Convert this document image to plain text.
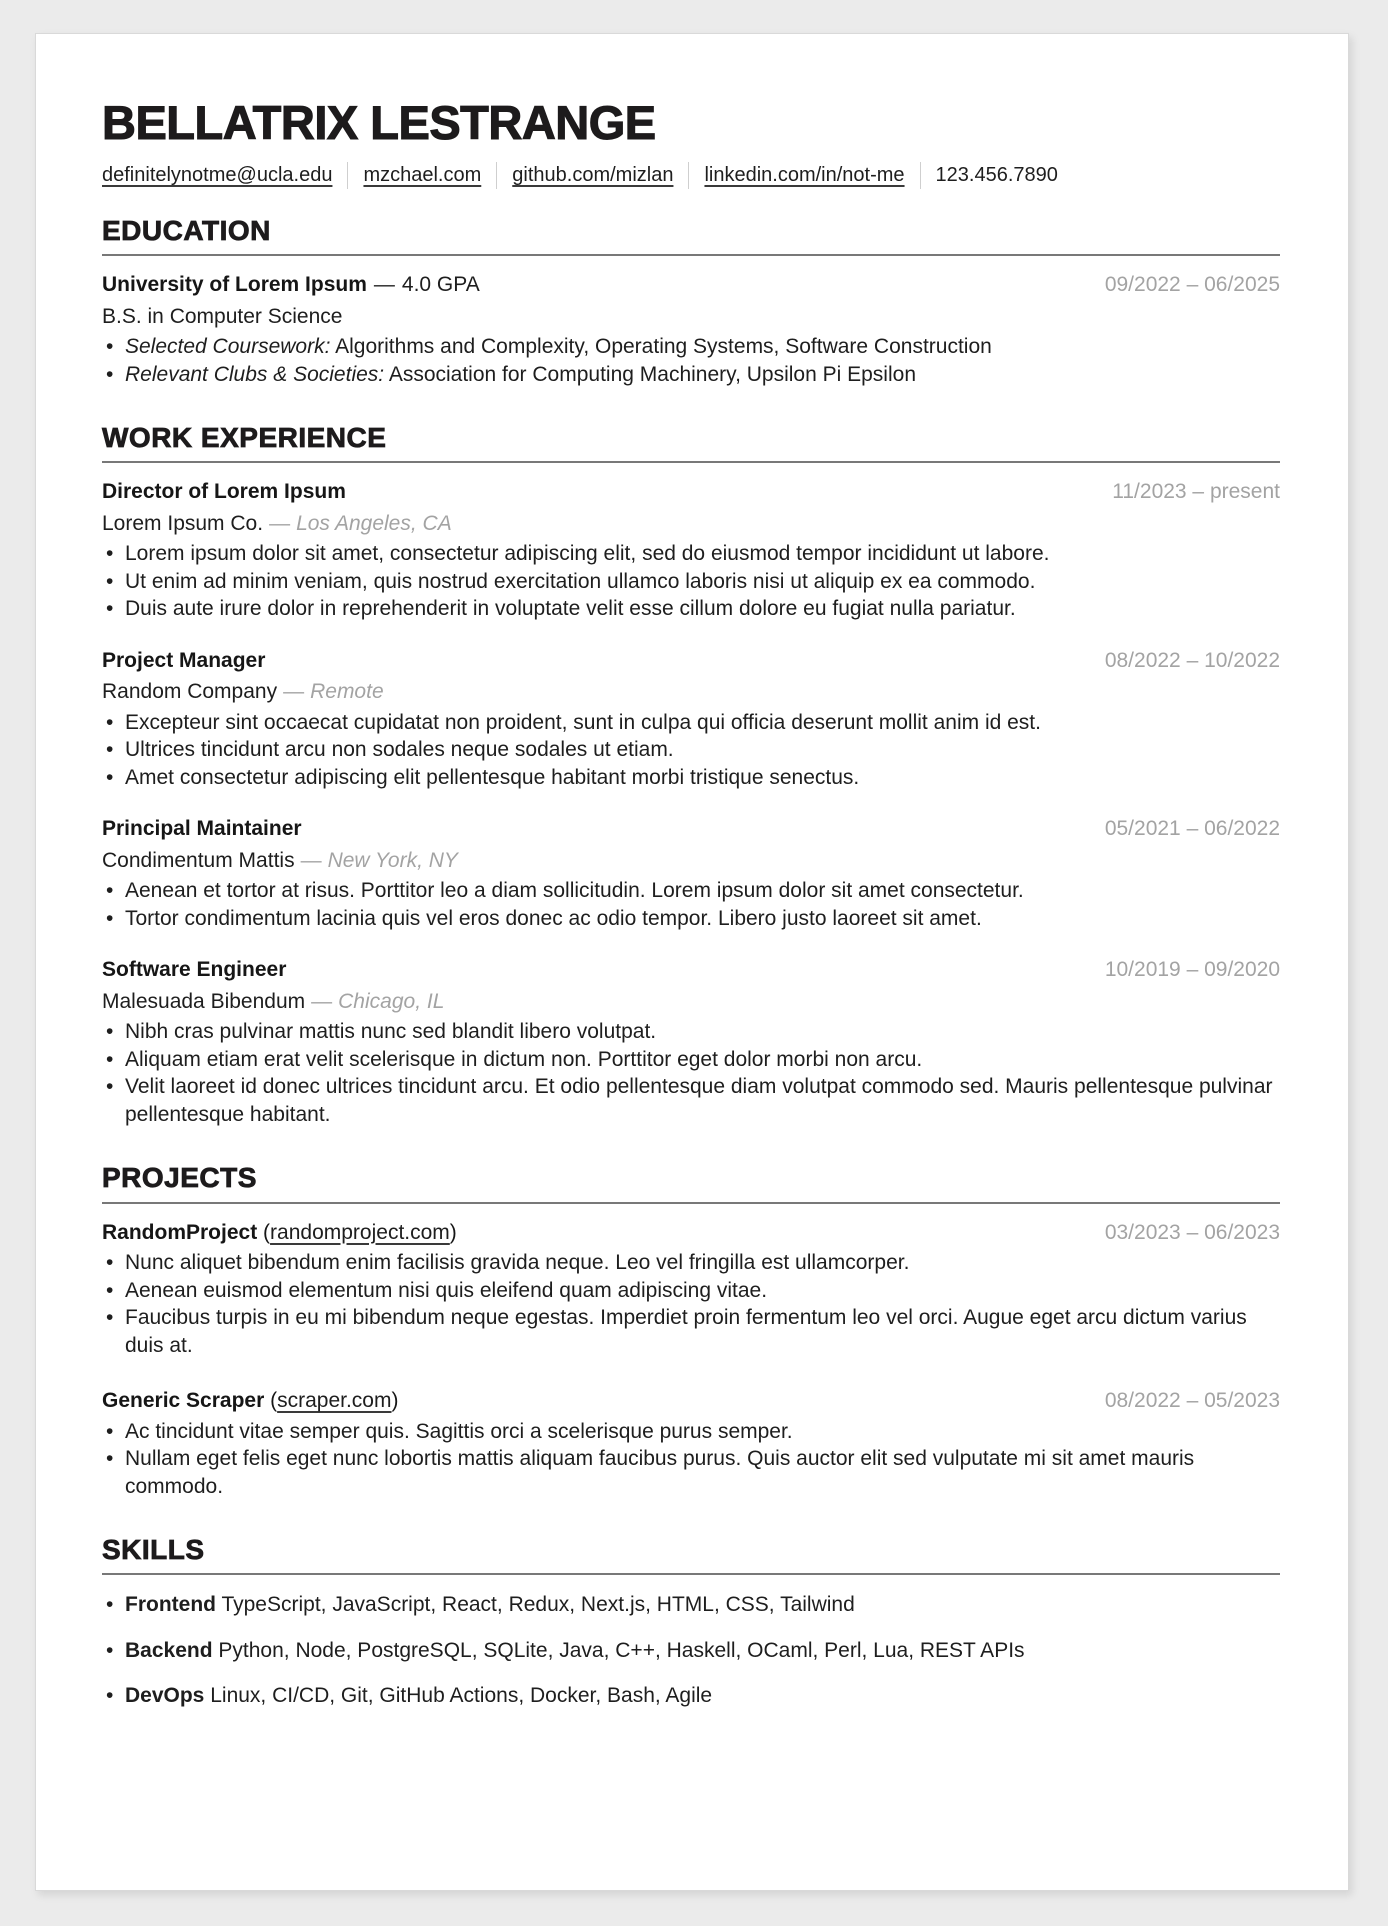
BELLATRIX LESTRANGE
definitelynotme@ucla.edu	mzchael.com	github.com/mizlan	linkedin.com/in/not-me	123.456.7890
EDUCATION
University of Lorem Ipsum — 4.0 GPA	09/2022 – 06/2025
B.S. in Computer Science
• Selected Coursework: Algorithms and Complexity, Operating Systems, Software Construction
• Relevant Clubs & Societies: Association for Computing Machinery, Upsilon Pi Epsilon
WORK EXPERIENCE
Director of Lorem Ipsum	11/2023 – present
Lorem Ipsum Co. — Los Angeles, CA
• Lorem ipsum dolor sit amet, consectetur adipiscing elit, sed do eiusmod tempor incididunt ut labore.
• Ut enim ad minim veniam, quis nostrud exercitation ullamco laboris nisi ut aliquip ex ea commodo.
• Duis aute irure dolor in reprehenderit in voluptate velit esse cillum dolore eu fugiat nulla pariatur.
Project Manager	08/2022 – 10/2022
Random Company — Remote
• Excepteur sint occaecat cupidatat non proident, sunt in culpa qui officia deserunt mollit anim id est.
• Ultrices tincidunt arcu non sodales neque sodales ut etiam.
• Amet consectetur adipiscing elit pellentesque habitant morbi tristique senectus.
Principal Maintainer	05/2021 – 06/2022
Condimentum Mattis — New York, NY
• Aenean et tortor at risus. Porttitor leo a diam sollicitudin. Lorem ipsum dolor sit amet consectetur.
• Tortor condimentum lacinia quis vel eros donec ac odio tempor. Libero justo laoreet sit amet.
Software Engineer	10/2019 – 09/2020
Malesuada Bibendum — Chicago, IL
• Nibh cras pulvinar mattis nunc sed blandit libero volutpat.
• Aliquam etiam erat velit scelerisque in dictum non. Porttitor eget dolor morbi non arcu.
• Velit laoreet id donec ultrices tincidunt arcu. Et odio pellentesque diam volutpat commodo sed. Mauris pellentesque pulvinar pellentesque habitant.
PROJECTS
RandomProject (randomproject.com)	03/2023 – 06/2023
• Nunc aliquet bibendum enim facilisis gravida neque. Leo vel fringilla est ullamcorper.
• Aenean euismod elementum nisi quis eleifend quam adipiscing vitae.
• Faucibus turpis in eu mi bibendum neque egestas. Imperdiet proin fermentum leo vel orci. Augue eget arcu dictum varius duis at.
Generic Scraper (scraper.com)	08/2022 – 05/2023
• Ac tincidunt vitae semper quis. Sagittis orci a scelerisque purus semper.
• Nullam eget felis eget nunc lobortis mattis aliquam faucibus purus. Quis auctor elit sed vulputate mi sit amet mauris commodo.
SKILLS
• Frontend TypeScript, JavaScript, React, Redux, Next.js, HTML, CSS, Tailwind
• Backend Python, Node, PostgreSQL, SQLite, Java, C++, Haskell, OCaml, Perl, Lua, REST APIs
• DevOps Linux, CI/CD, Git, GitHub Actions, Docker, Bash, Agile
